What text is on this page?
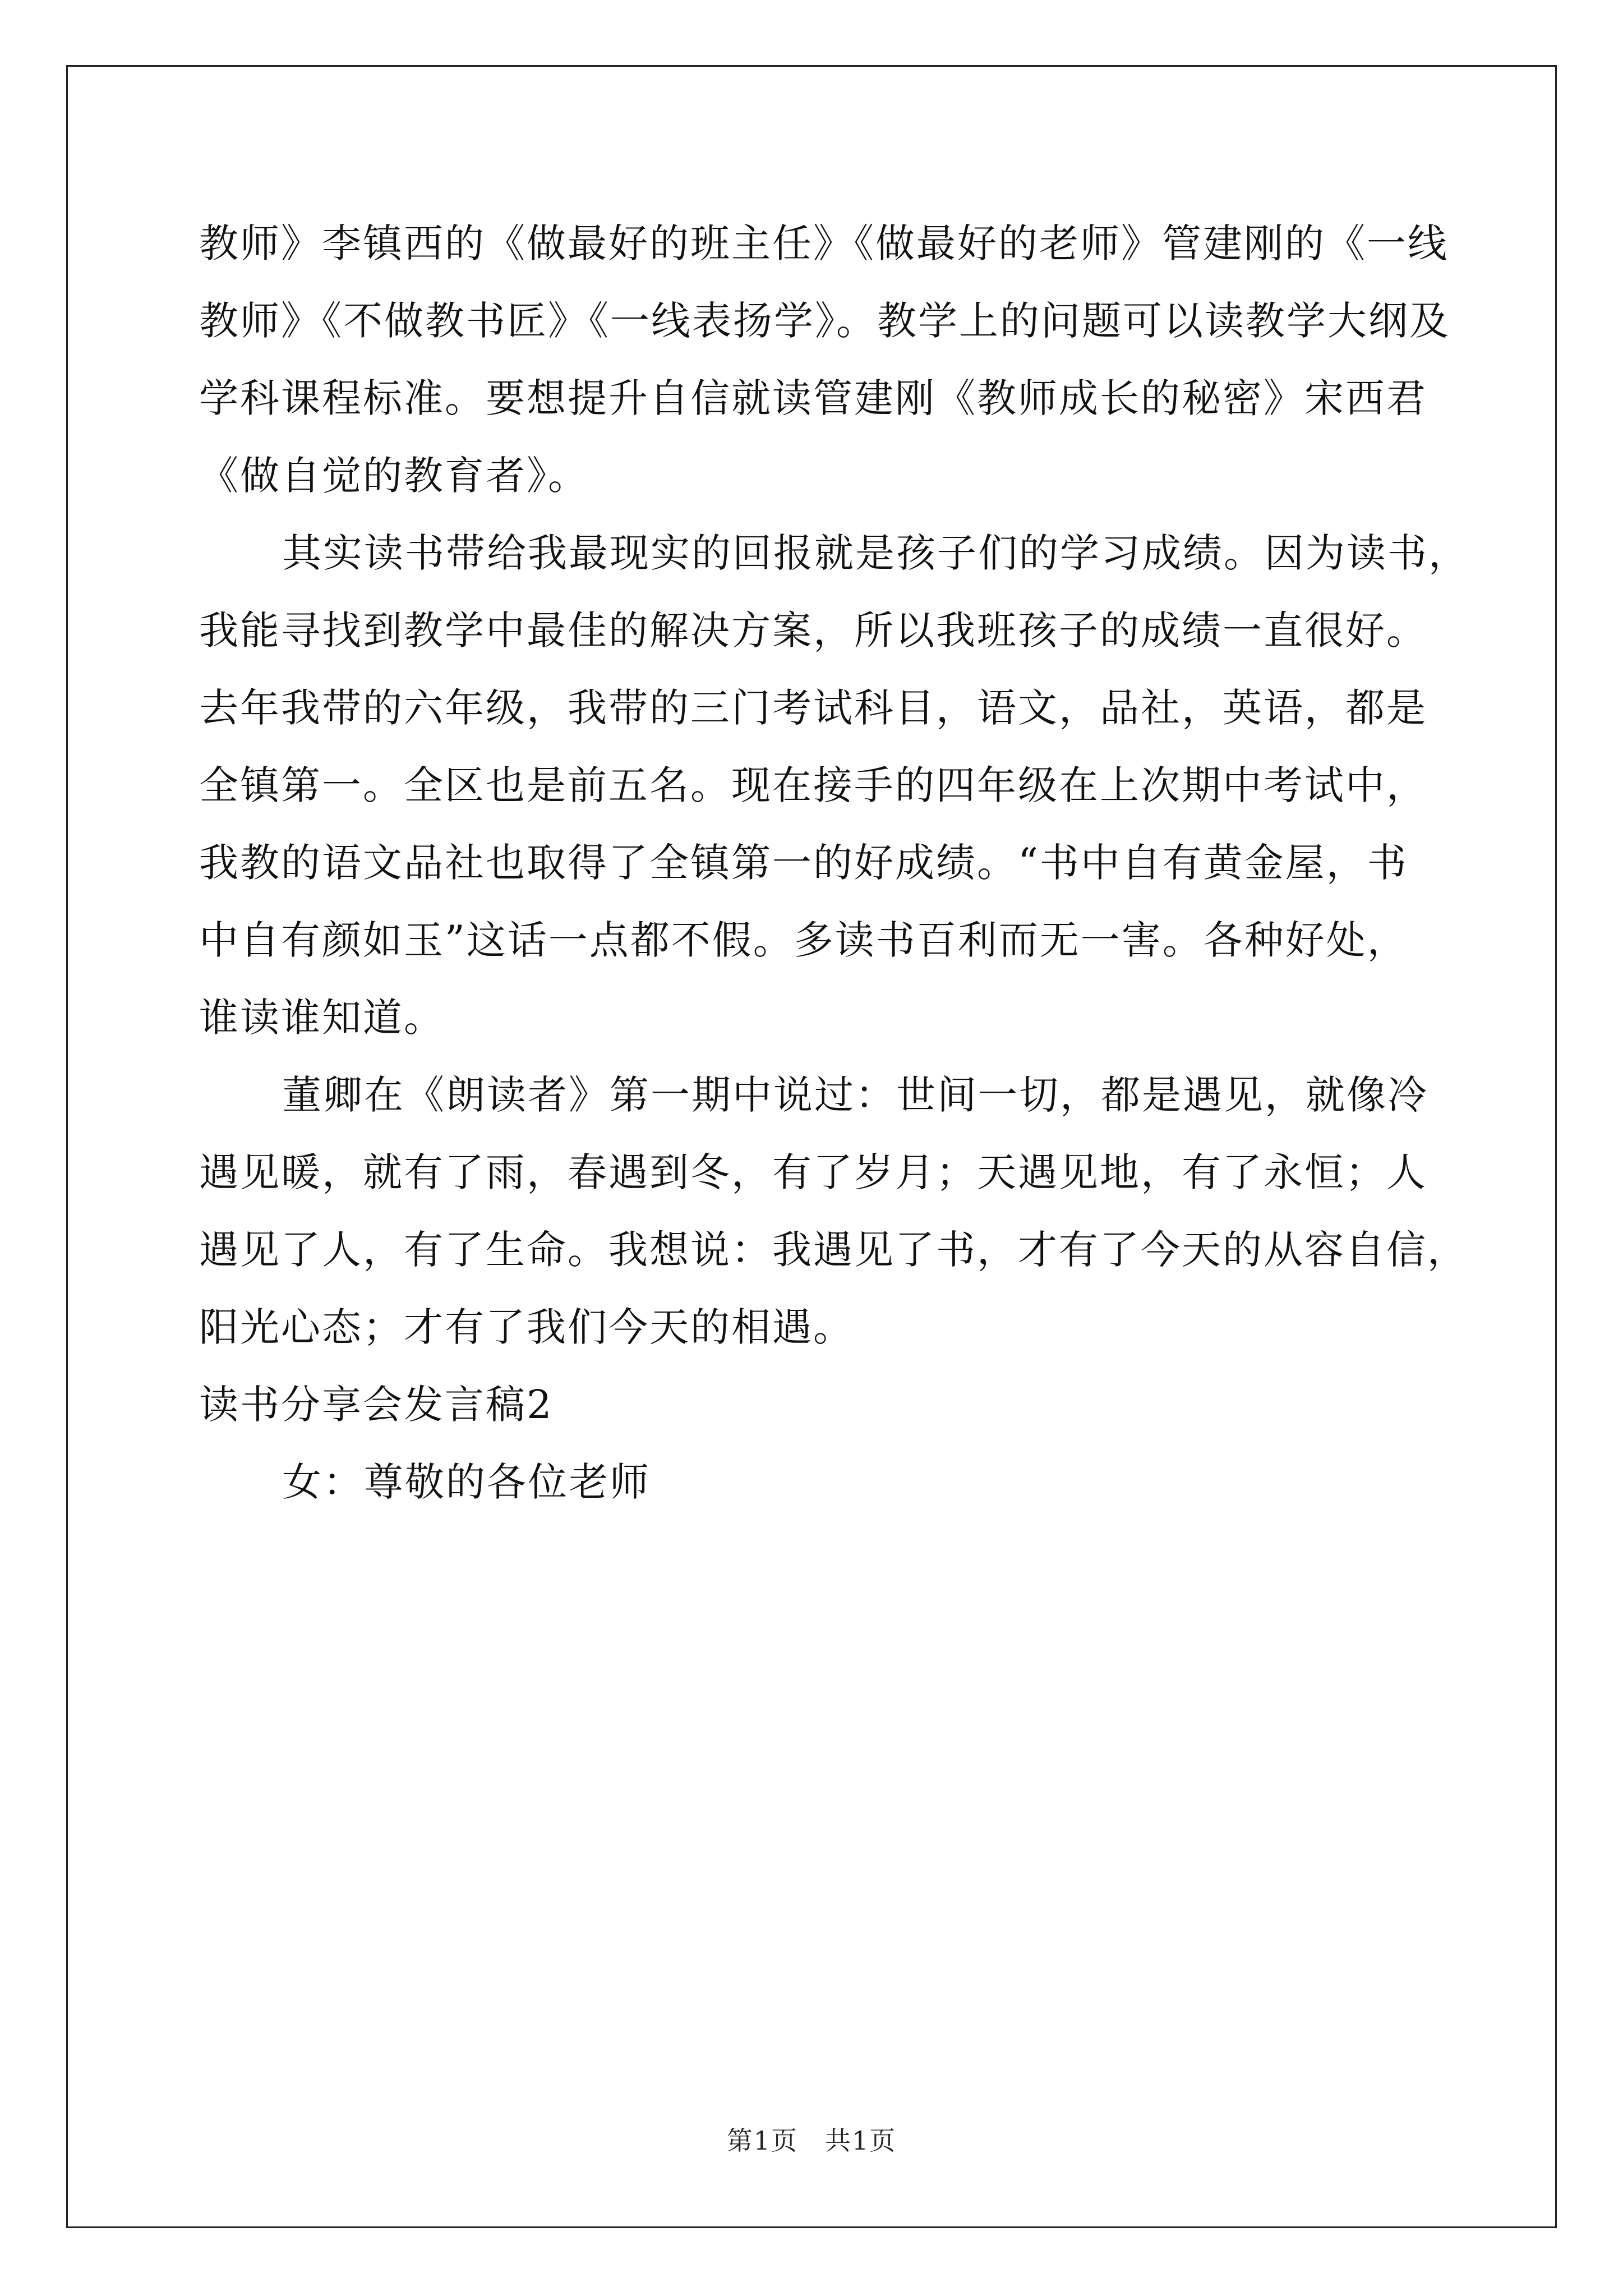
教师》李镇西的《做最好的班主任》《做最好的老师》管建刚的《一线
教师》《不做教书匠》《一线表扬学》。教学上的问题可以读教学大纲及
学科课程标准。要想提升自信就读管建刚《教师成长的秘密》宋西君
《做自觉的教育者》。
其实读书带给我最现实的回报就是孩子们的学习成绩。因为读书，
我能寻找到教学中最佳的解决方案，所以我班孩子的成绩一直很好。
去年我带的六年级，我带的三门考试科目，语文，品社，英语，都是
全镇第一。全区也是前五名。现在接手的四年级在上次期中考试中，
我教的语文品社也取得了全镇第一的好成绩。“书中自有黄金屋，书
中自有颜如玉”这话一点都不假。多读书百利而无一害。各种好处，
谁读谁知道。
董卿在《朗读者》第一期中说过：世间一切，都是遇见，就像冷
遇见暖，就有了雨，春遇到冬，有了岁月；天遇见地，有了永恒；人
遇见了人，有了生命。我想说：我遇见了书，才有了今天的从容自信，
阳光心态；才有了我们今天的相遇。
读书分享会发言稿2
女：尊敬的各位老师
第1页　共1页
